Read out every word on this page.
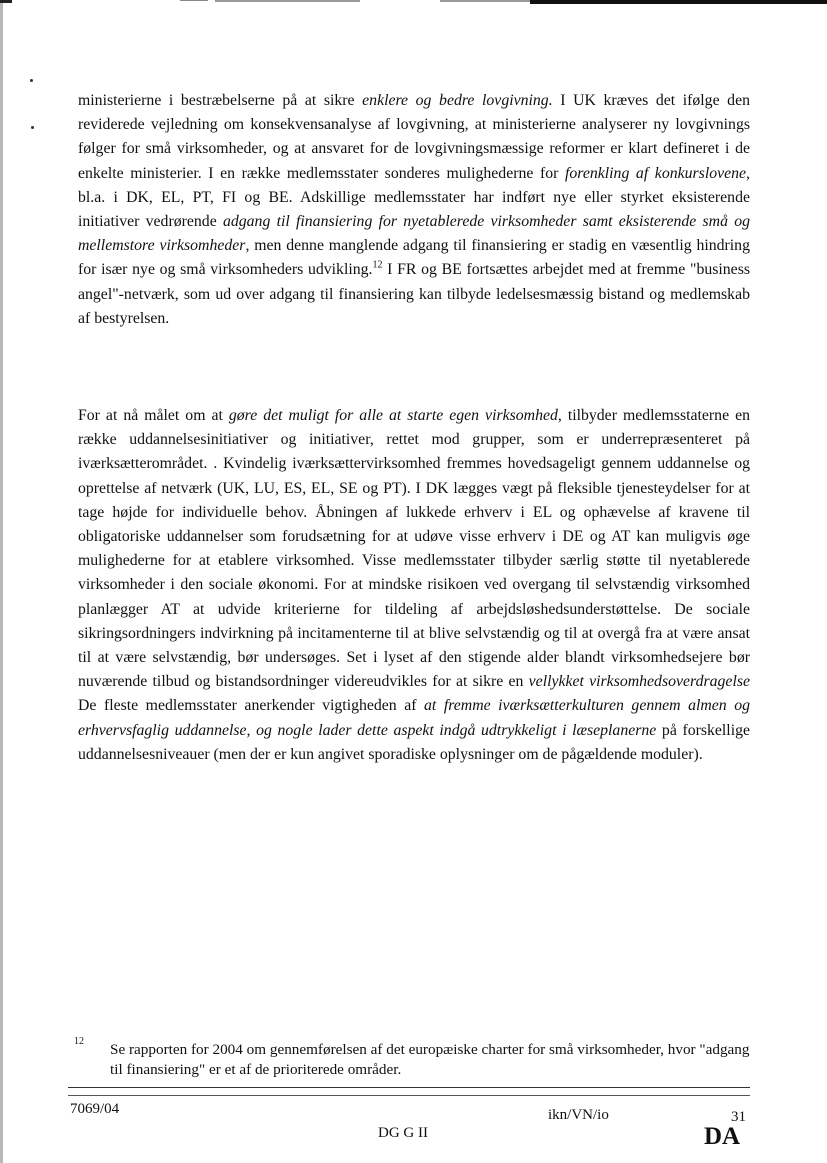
ministerierne i bestræbelserne på at sikre enklere og bedre lovgivning. I UK kræves det ifølge den reviderede vejledning om konsekvensanalyse af lovgivning, at ministerierne analyserer ny lovgivnings følger for små virksomheder, og at ansvaret for de lovgivningsmæssige reformer er klart defineret i de enkelte ministerier. I en række medlemsstater sonderes mulighederne for forenkling af konkurslovene, bl.a. i DK, EL, PT, FI og BE. Adskillige medlemsstater har indført nye eller styrket eksisterende initiativer vedrørende adgang til finansiering for nyetablerede virksomheder samt eksisterende små og mellemstore virksomheder, men denne manglende adgang til finansiering er stadig en væsentlig hindring for især nye og små virksomheders udvikling.$^{12}$ I FR og BE fortsættes arbejdet med at fremme "business angel"-netværk, som ud over adgang til finansiering kan tilbyde ledelsesmæssig bistand og medlemskab af bestyrelsen.

For at nå målet om at gøre det muligt for alle at starte egen virksomhed, tilbyder medlemsstaterne en række uddannelsesinitiativer og initiativer, rettet mod grupper, som er underrepræsenteret på iværksætterområdet. . Kvindelig iværksættervirksomhed fremmes hovedsageligt gennem uddannelse og oprettelse af netværk (UK, LU, ES, EL, SE og PT). I DK lægges vægt på fleksible tjenesteydelser for at tage højde for individuelle behov. Åbningen af lukkede erhverv i EL og ophævelse af kravene til obligatoriske uddannelser som forudsætning for at udøve visse erhverv i DE og AT kan muligvis øge mulighederne for at etablere virksomhed. Visse medlemsstater tilbyder særlig støtte til nyetablerede virksomheder i den sociale økonomi. For at mindske risikoen ved overgang til selvstændig virksomhed planlægger AT at udvide kriterierne for tildeling af arbejdsløshedsunderstøttelse. De sociale sikringsordningers indvirkning på incitamenterne til at blive selvstændig og til at overgå fra at være ansat til at være selvstændig, bør undersøges. Set i lyset af den stigende alder blandt virksomhedsejere bør nuværende tilbud og bistandsordninger videreudvikles for at sikre en vellykket virksomhedsoverdragelse De fleste medlemsstater anerkender vigtigheden af at fremme iværksætterkulturen gennem almen og erhvervsfaglig uddannelse, og nogle lader dette aspekt indgå udtrykkeligt i læseplanerne på forskellige uddannelsesniveauer (men der er kun angivet sporadiske oplysninger om de pågældende moduler).

12 Se rapporten for 2004 om gennemførelsen af det europæiske charter for små virksomheder, hvor "adgang til finansiering" er et af de prioriterede områder.

7069/04
DG G II
ikn/VN/io	31
DA
